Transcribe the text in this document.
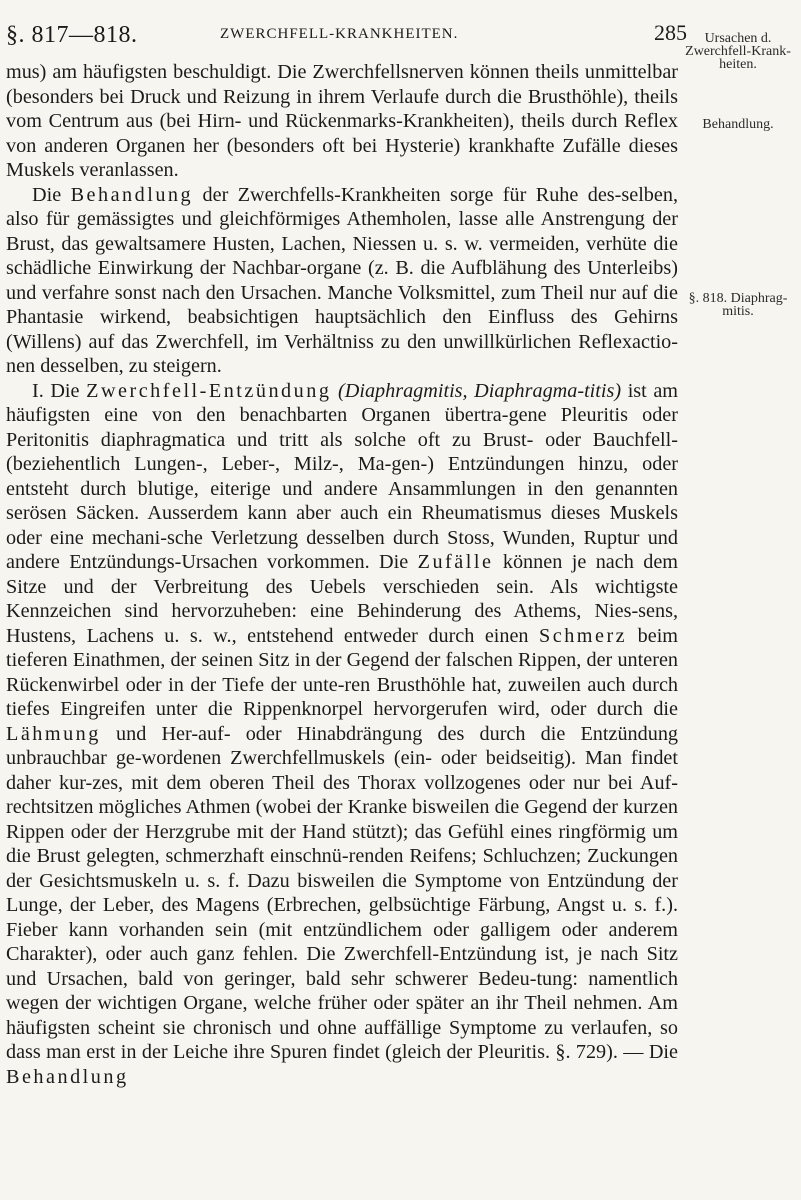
§. 817—818.	ZWERCHFELL-KRANKHEITEN.	285	Ursachen d. Zwerchfell-Krank-heiten.
Behandlung.
§. 818. Diaphrag-mitis.

mus) am häufigsten beschuldigt. Die Zwerchfellsnerven können theils unmittelbar (besonders bei Druck und Reizung in ihrem Verlaufe durch die Brusthöhle), theils vom Centrum aus (bei Hirn- und Rückenmarks-Krankheiten), theils durch Reflex von anderen Organen her (besonders oft bei Hysterie) krankhafte Zufälle dieses Muskels veranlassen.

Die Behandlung der Zwerchfells-Krankheiten sorge für Ruhe des-selben, also für gemässigtes und gleichförmiges Athemholen, lasse alle Anstrengung der Brust, das gewaltsamere Husten, Lachen, Niessen u. s. w. vermeiden, verhüte die schädliche Einwirkung der Nachbar-organe (z. B. die Aufblähung des Unterleibs) und verfahre sonst nach den Ursachen. Manche Volksmittel, zum Theil nur auf die Phantasie wirkend, beabsichtigen hauptsächlich den Einfluss des Gehirns (Willens) auf das Zwerchfell, im Verhältniss zu den unwillkürlichen Reflexactio-nen desselben, zu steigern.

I. Die Zwerchfell-Entzündung (Diaphragmitis, Diaphragma-titis) ist am häufigsten eine von den benachbarten Organen übertra-gene Pleuritis oder Peritonitis diaphragmatica und tritt als solche oft zu Brust- oder Bauchfell- (beziehentlich Lungen-, Leber-, Milz-, Ma-gen-) Entzündungen hinzu, oder entsteht durch blutige, eiterige und andere Ansammlungen in den genannten serösen Säcken. Ausserdem kann aber auch ein Rheumatismus dieses Muskels oder eine mechani-sche Verletzung desselben durch Stoss, Wunden, Ruptur und andere Entzündungs-Ursachen vorkommen. Die Zufälle können je nach dem Sitze und der Verbreitung des Uebels verschieden sein. Als wichtigste Kennzeichen sind hervorzuheben: eine Behinderung des Athems, Nies-sens, Hustens, Lachens u. s. w., entstehend entweder durch einen Schmerz beim tieferen Einathmen, der seinen Sitz in der Gegend der falschen Rippen, der unteren Rückenwirbel oder in der Tiefe der unte-ren Brusthöhle hat, zuweilen auch durch tiefes Eingreifen unter die Rippenknorpel hervorgerufen wird, oder durch die Lähmung und Her-auf- oder Hinabdrängung des durch die Entzündung unbrauchbar ge-wordenen Zwerchfellmuskels (ein- oder beidseitig). Man findet daher kur-zes, mit dem oberen Theil des Thorax vollzogenes oder nur bei Auf-rechtsitzen mögliches Athmen (wobei der Kranke bisweilen die Gegend der kurzen Rippen oder der Herzgrube mit der Hand stützt); das Gefühl eines ringförmig um die Brust gelegten, schmerzhaft einschnü-renden Reifens; Schluchzen; Zuckungen der Gesichtsmuskeln u. s. f. Dazu bisweilen die Symptome von Entzündung der Lunge, der Leber, des Magens (Erbrechen, gelbsüchtige Färbung, Angst u. s. f.). Fieber kann vorhanden sein (mit entzündlichem oder galligem oder anderem Charakter), oder auch ganz fehlen. Die Zwerchfell-Entzündung ist, je nach Sitz und Ursachen, bald von geringer, bald sehr schwerer Bedeu-tung: namentlich wegen der wichtigen Organe, welche früher oder später an ihr Theil nehmen. Am häufigsten scheint sie chronisch und ohne auffällige Symptome zu verlaufen, so dass man erst in der Leiche ihre Spuren findet (gleich der Pleuritis. §. 729). — Die Behandlung
